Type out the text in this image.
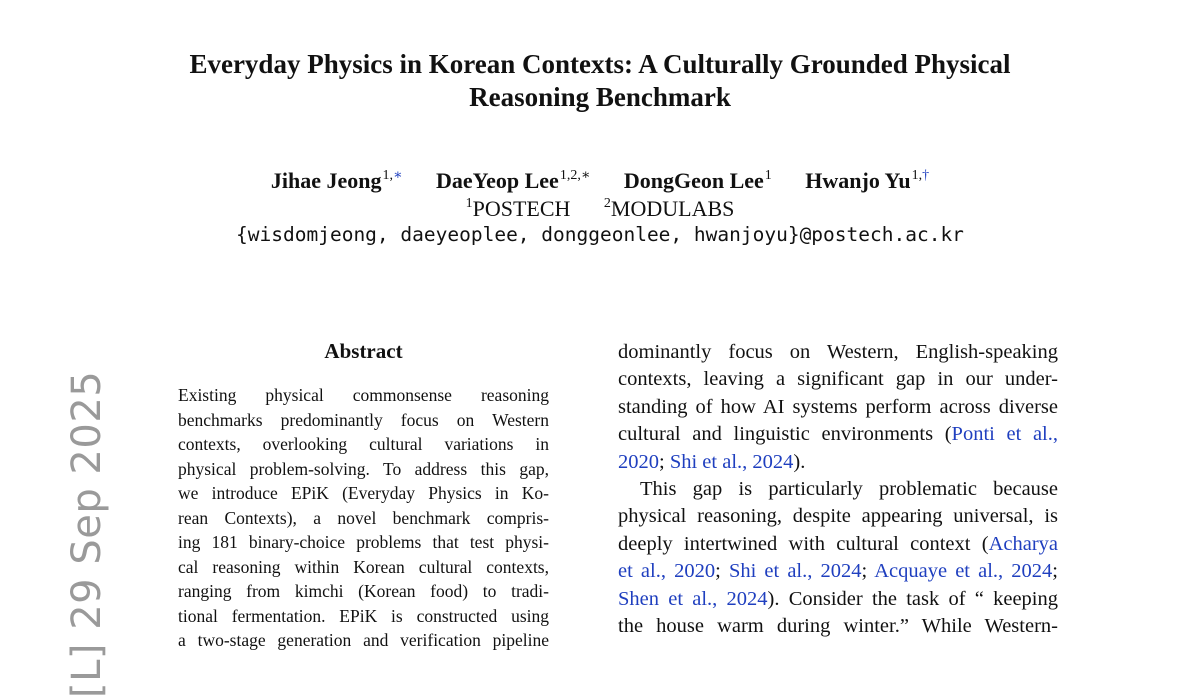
[L] 29 Sep 2025
Everyday Physics in Korean Contexts: A Culturally Grounded Physical
Reasoning Benchmark
Jihae Jeong$^{1,∗}$ DaeYeop Lee$^{1,2,∗}$ DongGeon Lee$^1$ Hwanjo $Yu^{1,\dagger}$
$^1$POSTECH $^2$MODULABS
{wisdomjeong, daeyeoplee, donggeonlee, hwanjoyu}@postech.ac.kr
Abstract
Existing physical commonsense reasoning
benchmarks predominantly focus on Western
contexts, overlooking cultural variations in
physical problem-solving. To address this gap,
we introduce EPiK (Everyday Physics in Ko-
rean Contexts), a novel benchmark compris-
ing 181 binary-choice problems that test physi-
cal reasoning within Korean cultural contexts,
ranging from kimchi (Korean food) to tradi-
tional fermentation. EPiK is constructed using
a two-stage generation and verification pipeline
dominantly focus on Western, English-speaking
contexts, leaving a significant gap in our under-
standing of how AI systems perform across diverse
cultural and linguistic environments (Ponti et al.,
2020; Shi et al., 2024).
This gap is particularly problematic because
physical reasoning, despite appearing universal, is
deeply intertwined with cultural context (Acharya
et al., 2020; Shi et al., 2024; Acquaye et al., 2024;
Shen et al., 2024). Consider the task of “ keeping
the house warm during winter.” While Western-
